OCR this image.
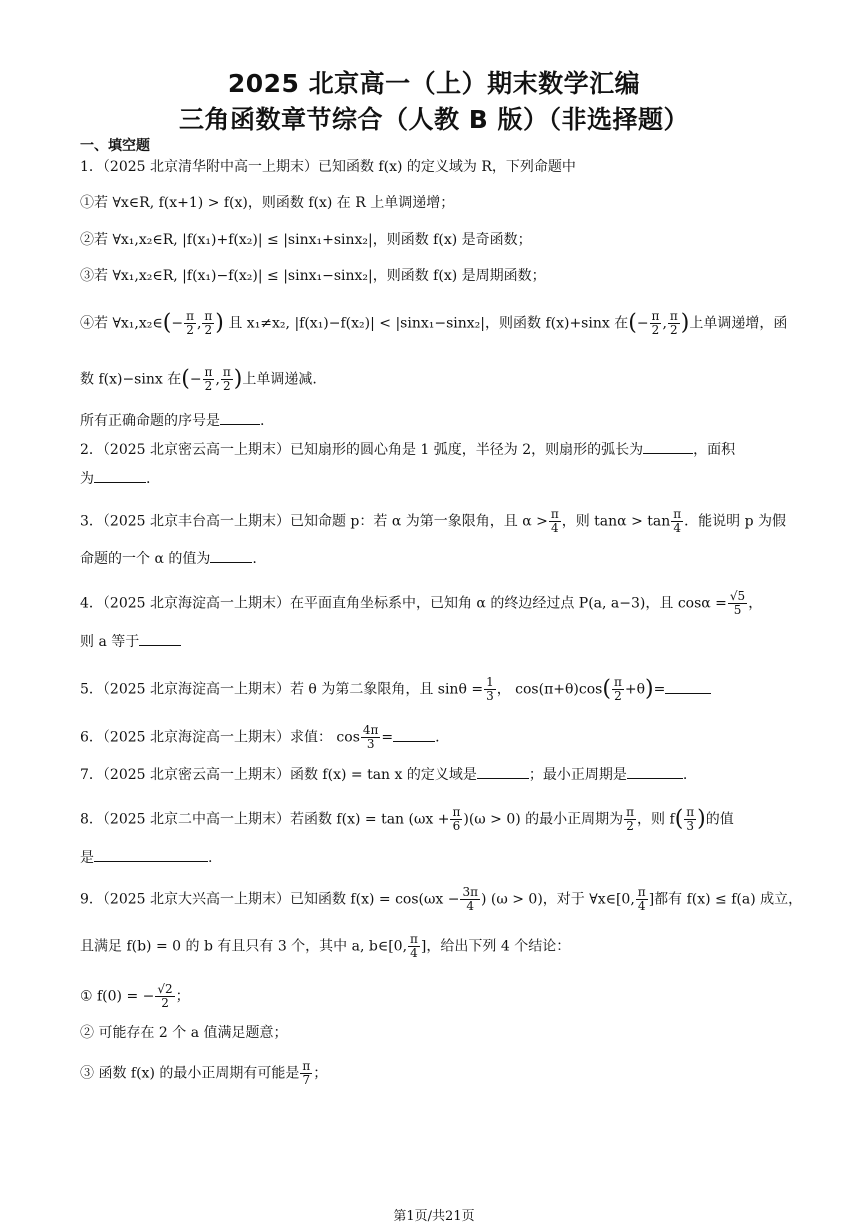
2025 北京高一（上）期末数学汇编
三角函数章节综合（人教 B 版）（非选择题）
一、填空题
1．（2025 北京清华附中高一上期末）已知函数 f(x) 的定义域为 R，下列命题中
①若 ∀x∈R, f(x+1) > f(x)，则函数 f(x) 在 R 上单调递增；
②若 ∀x₁,x₂∈R, |f(x₁)+f(x₂)| ≤ |sinx₁+sinx₂|，则函数 f(x) 是奇函数；
③若 ∀x₁,x₂∈R, |f(x₁)−f(x₂)| ≤ |sinx₁−sinx₂|，则函数 f(x) 是周期函数；
④若 ∀x₁,x₂∈(− $\frac{\pi}{2}$ , $\frac{\pi}{2}$ ) 且 x₁≠x₂, |f(x₁)−f(x₂)| < |sinx₁−sinx₂|，则函数 f(x)+sinx 在(− $\frac{\pi}{2}$ , $\frac{\pi}{2}$ )上单调递增，函
数 f(x)−sinx 在(− $\frac{\pi}{2}$ , $\frac{\pi}{2}$ )上单调递减.
所有正确命题的序号是	.
2．（2025 北京密云高一上期末）已知扇形的圆心角是 1 弧度，半径为 2，则扇形的弧长为	，面积
为	.
3．（2025 北京丰台高一上期末）已知命题 p：若 α 为第一象限角，且 $\alpha > \frac{\pi}{4}$ ，则 $\tan\alpha > \tan \frac{\pi}{4}$ ．能说明 p 为假
命题的一个 α 的值为	.
4．（2025 北京海淀高一上期末）在平面直角坐标系中，已知角 α 的终边经过点 P(a, a−3)，且 $\cos\alpha = \frac{√5}{5}$ ，
则 a 等于
5．（2025 北京海淀高一上期末）若 θ 为第二象限角，且 $\sin\theta = \frac{1}{3}$ ， $\cos(\pi+\theta)\cos( \frac{\pi}{2} +\theta)=$
6．（2025 北京海淀高一上期末）求值： $\cos \frac{4\pi}{3}$ =	.
7．（2025 北京密云高一上期末）函数 f(x) = tan x 的定义域是	；最小正周期是	.
8．（2025 北京二中高一上期末）若函数 $f(x) = \tan (\omega x + \frac{\pi}{6} )(\omega > 0)$ 的最小正周期为 $\frac{\pi}{2}$ ，则 $f( \frac{\pi}{3}$ )的值
是	.
9．（2025 北京大兴高一上期末）已知函数 $f(x) = \cos(\omega x - \frac{3\pi}{4}$ ) (ω > 0)，对于 ∀x∈[0, $\frac{\pi}{4}$ ]都有 f(x) ≤ f(a) 成立，
且满足 f(b) = 0 的 b 有且只有 3 个，其中 a, b∈[0, $\frac{\pi}{4}$ ]，给出下列 4 个结论：
① f(0) = − $\frac{√2}{2}$ ；
② 可能存在 2 个 a 值满足题意；
③ 函数 f(x) 的最小正周期有可能是 $\frac{\pi}{7}$ ；
第1页/共21页
